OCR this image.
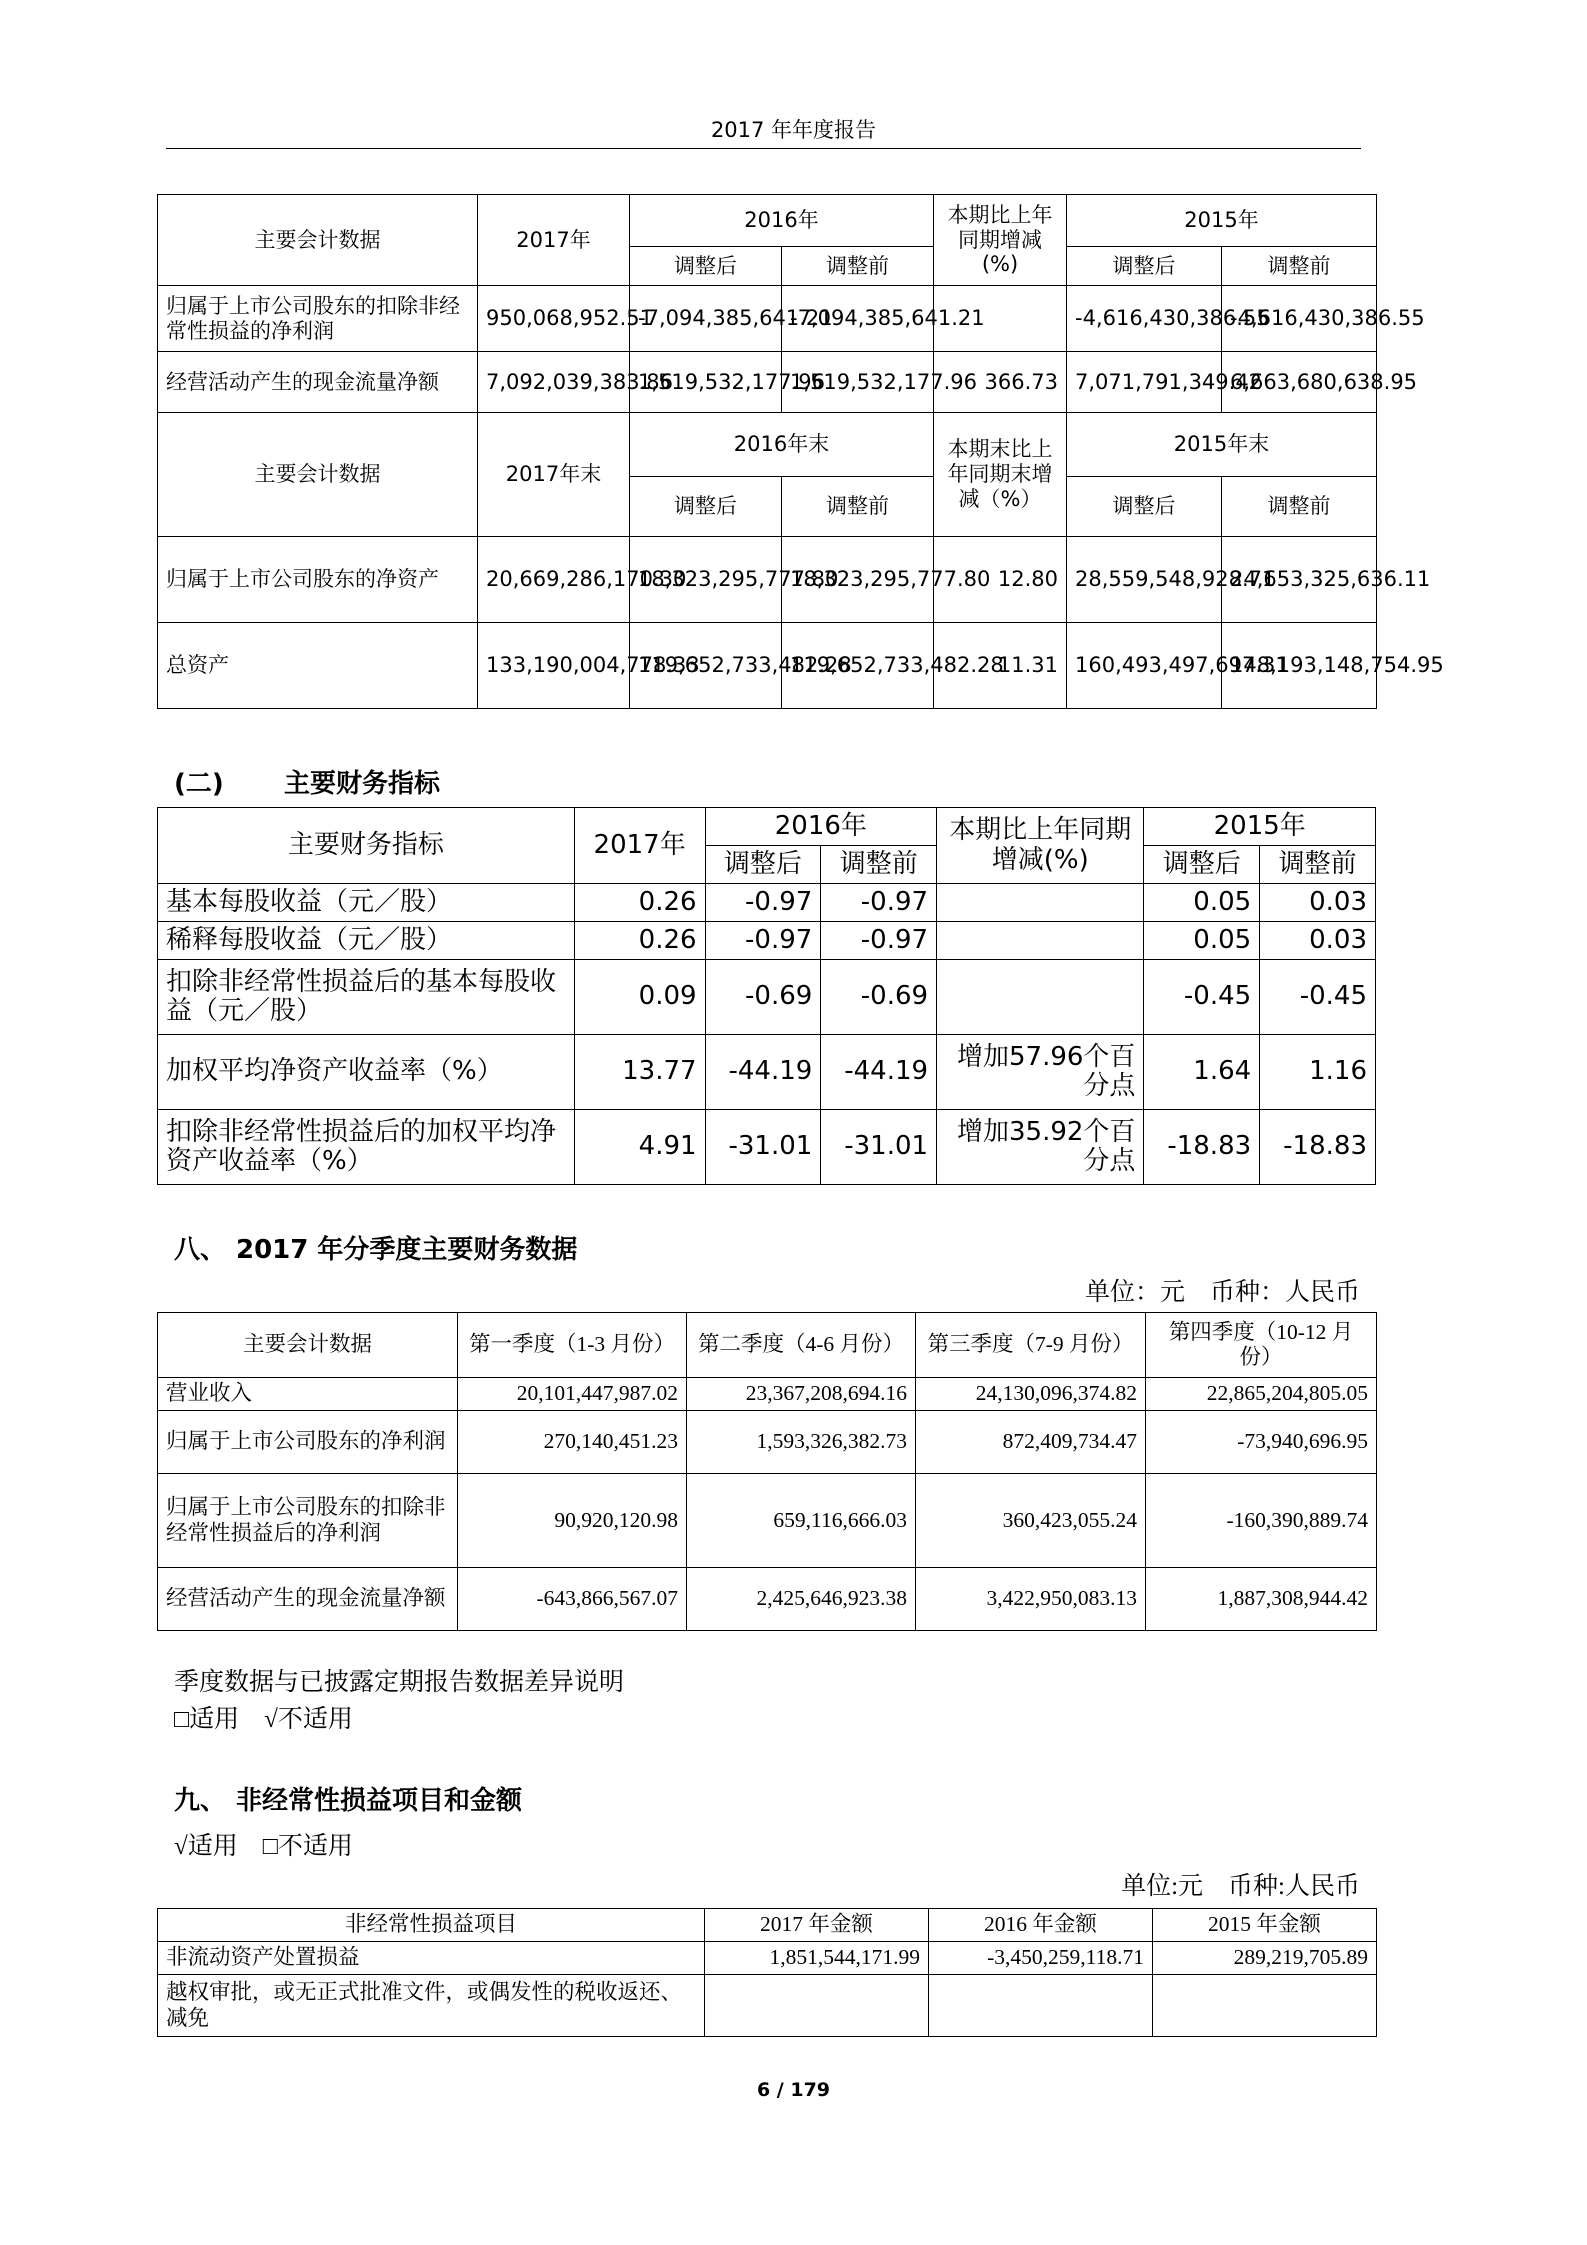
2017 年年度报告
主要会计数据	2017年	2016年		本期比上年同期增减(%)	2015年	
		调整后	调整前		调整后	调整前
归属于上市公司股东的扣除非经常性损益的净利润	950,068,952.51	-7,094,385,641.21	-7,094,385,641.21		-4,616,430,386.55	-4,616,430,386.55
经营活动产生的现金流量净额	7,092,039,383.86	1,519,532,177.96	1,519,532,177.96	366.73	7,071,791,349.42	6,663,680,638.95
主要会计数据	2017年末	2016年末		本期末比上年同期末增减（%）	2015年末	
		调整后	调整前		调整后	调整前
归属于上市公司股东的净资产	20,669,286,170.30	18,323,295,777.80	18,323,295,777.80	12.80	28,559,548,928.71	24,653,325,636.11
总资产	133,190,004,778.33	119,652,733,482.28	119,652,733,482.28	11.31	160,493,497,697.31	148,193,148,754.95
(二) 主要财务指标
主要财务指标	2017年	2016年		本期比上年同期增减(%)	2015年	
		调整后	调整前		调整后	调整前
基本每股收益（元／股）	0.26	-0.97	-0.97		0.05	0.03
稀释每股收益（元／股）	0.26	-0.97	-0.97		0.05	0.03
扣除非经常性损益后的基本每股收益（元／股）	0.09	-0.69	-0.69		-0.45	-0.45
加权平均净资产收益率（%）	13.77	-44.19	-44.19	增加57.96个百分点	1.64	1.16
扣除非经常性损益后的加权平均净资产收益率（%）	4.91	-31.01	-31.01	增加35.92个百分点	-18.83	-18.83
八、 2017 年分季度主要财务数据
单位：元　币种：人民币
主要会计数据	第一季度（1-3 月份）	第二季度（4-6 月份）	第三季度（7-9 月份）	第四季度（10-12 月份）
营业收入	20,101,447,987.02	23,367,208,694.16	24,130,096,374.82	22,865,204,805.05
归属于上市公司股东的净利润	270,140,451.23	1,593,326,382.73	872,409,734.47	-73,940,696.95
归属于上市公司股东的扣除非经常性损益后的净利润	90,920,120.98	659,116,666.03	360,423,055.24	-160,390,889.74
经营活动产生的现金流量净额	-643,866,567.07	2,425,646,923.38	3,422,950,083.13	1,887,308,944.42
季度数据与已披露定期报告数据差异说明
□适用　√不适用
九、 非经常性损益项目和金额
√适用　□不适用
单位:元　币种:人民币
非经常性损益项目	2017 年金额	2016 年金额	2015 年金额
非流动资产处置损益	1,851,544,171.99	-3,450,259,118.71	289,219,705.89
越权审批，或无正式批准文件，或偶发性的税收返还、减免			
6 / 179
